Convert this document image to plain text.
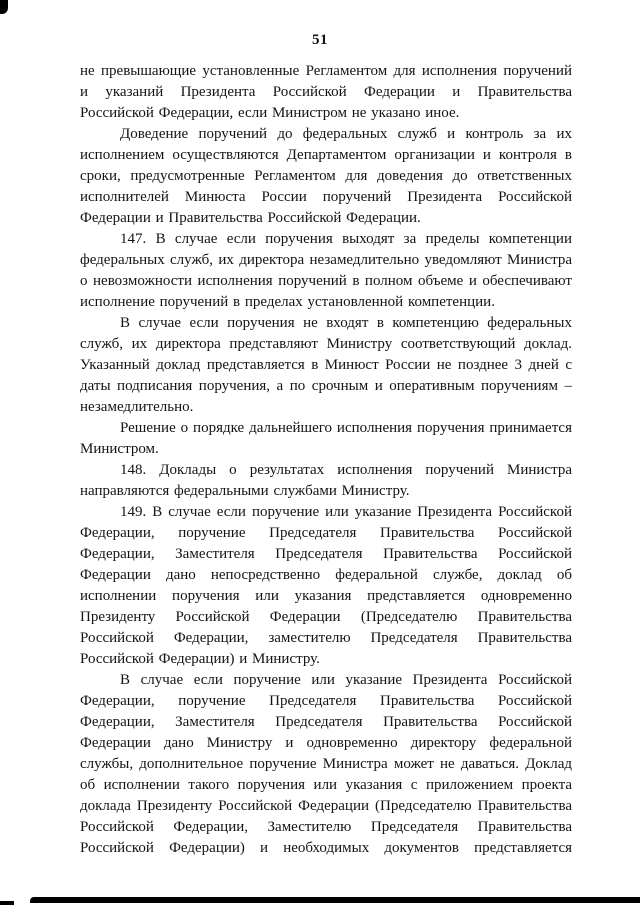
51

не превышающие установленные Регламентом для исполнения поручений и указаний Президента Российской Федерации и Правительства Российской Федерации, если Министром не указано иное.

Доведение поручений до федеральных служб и контроль за их исполнением осуществляются Департаментом организации и контроля в сроки, предусмотренные Регламентом для доведения до ответственных исполнителей Минюста России поручений Президента Российской Федерации и Правительства Российской Федерации.

147. В случае если поручения выходят за пределы компетенции федеральных служб, их директора незамедлительно уведомляют Министра о невозможности исполнения поручений в полном объеме и обеспечивают исполнение поручений в пределах установленной компетенции.

В случае если поручения не входят в компетенцию федеральных служб, их директора представляют Министру соответствующий доклад. Указанный доклад представляется в Минюст России не позднее 3 дней с даты подписания поручения, а по срочным и оперативным поручениям – незамедлительно.

Решение о порядке дальнейшего исполнения поручения принимается Министром.

148. Доклады о результатах исполнения поручений Министра направляются федеральными службами Министру.

149. В случае если поручение или указание Президента Российской Федерации, поручение Председателя Правительства Российской Федерации, Заместителя Председателя Правительства Российской Федерации дано непосредственно федеральной службе, доклад об исполнении поручения или указания представляется одновременно Президенту Российской Федерации (Председателю Правительства Российской Федерации, заместителю Председателя Правительства Российской Федерации) и Министру.

В случае если поручение или указание Президента Российской Федерации, поручение Председателя Правительства Российской Федерации, Заместителя Председателя Правительства Российской Федерации дано Министру и одновременно директору федеральной службы, дополнительное поручение Министра может не даваться. Доклад об исполнении такого поручения или указания с приложением проекта доклада Президенту Российской Федерации (Председателю Правительства Российской Федерации, Заместителю Председателя Правительства Российской Федерации) и необходимых документов представляется
